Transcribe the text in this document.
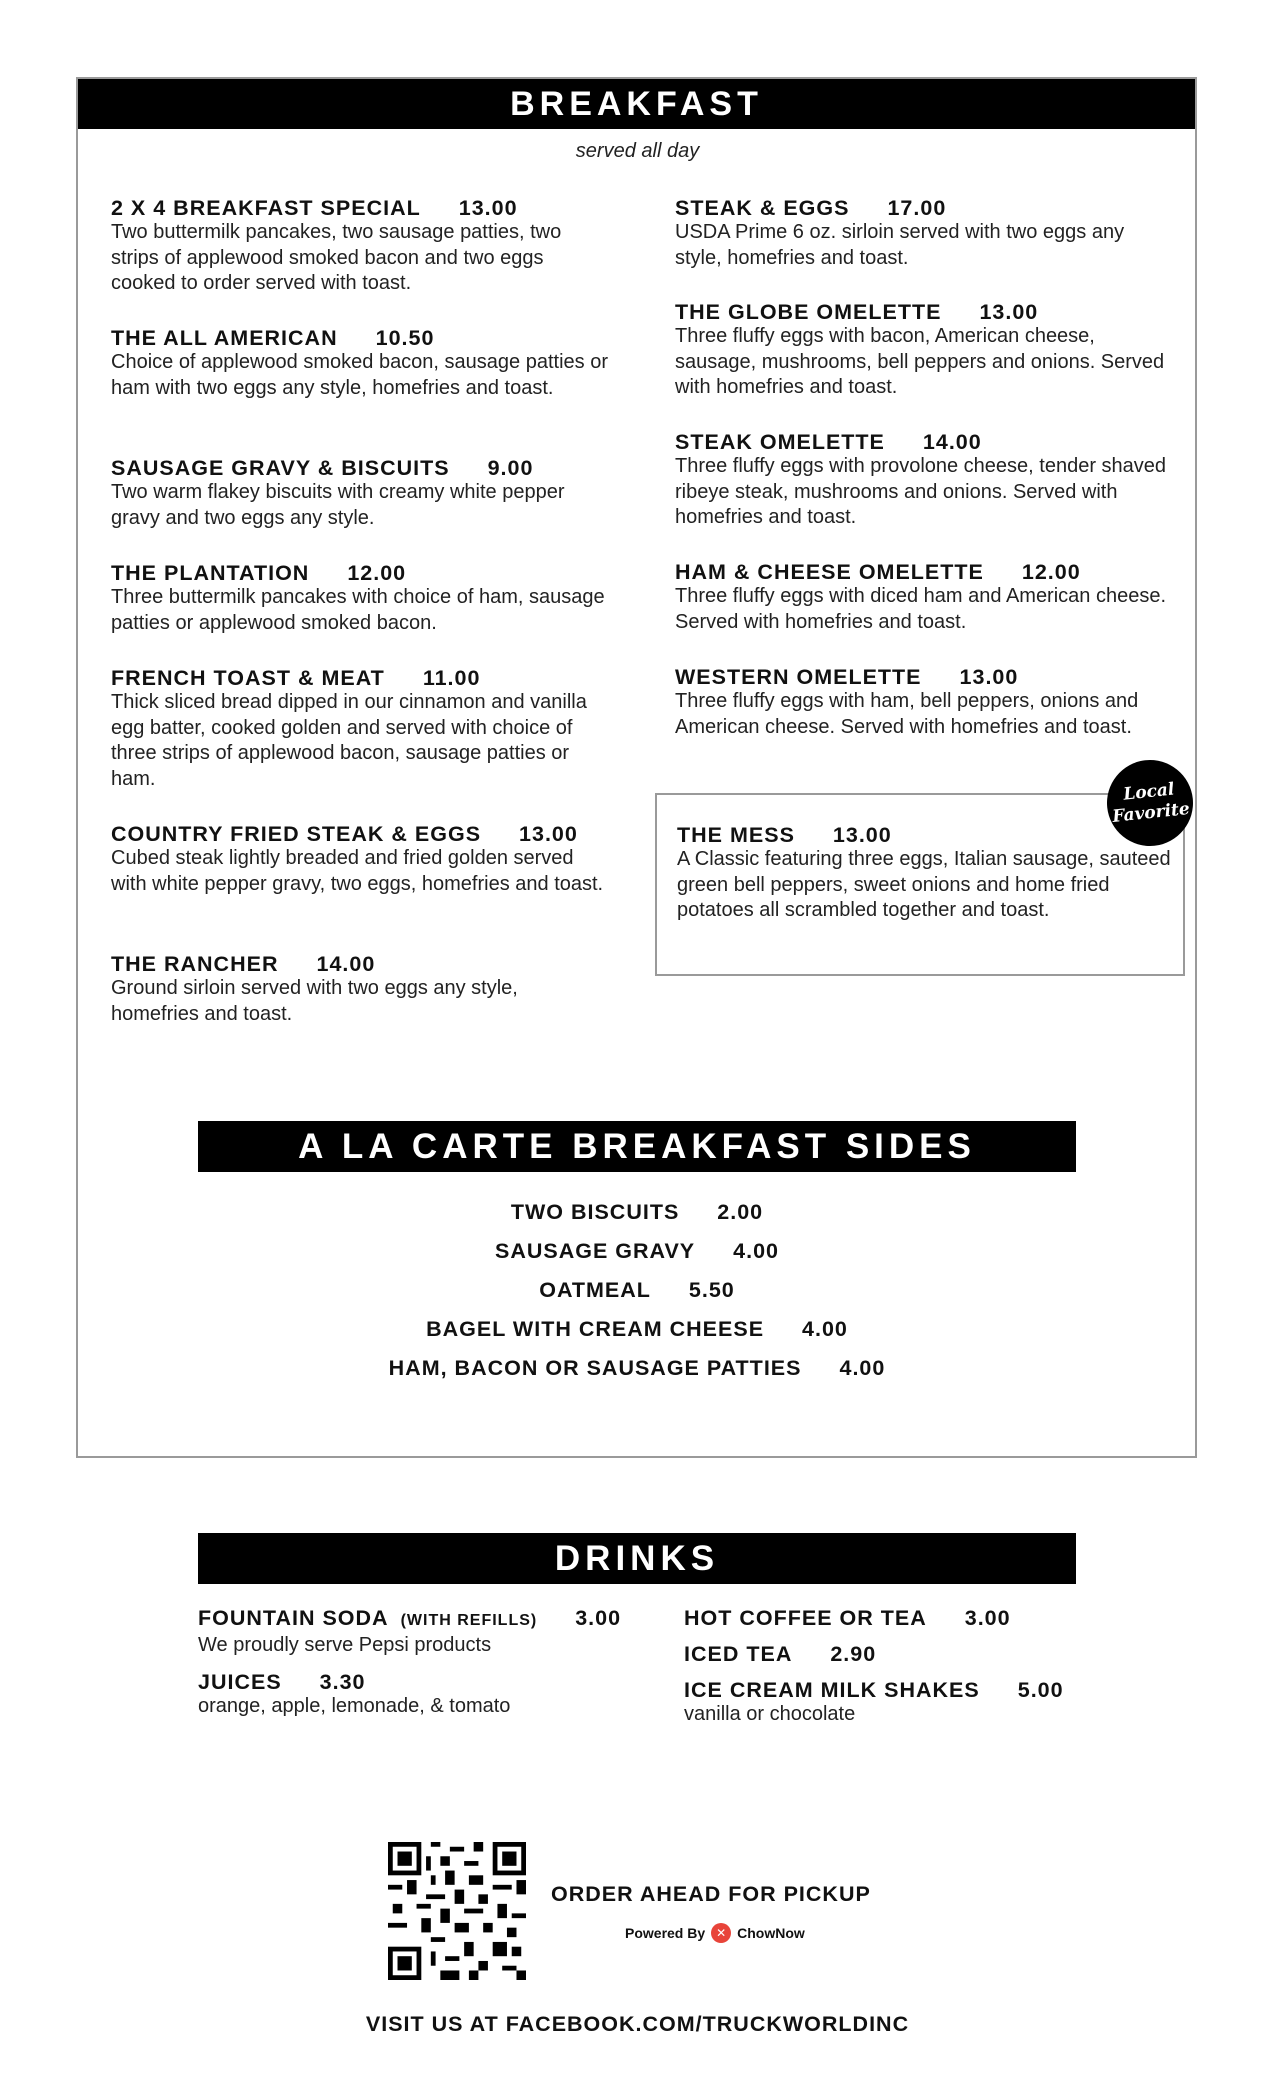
BREAKFAST
served all day
2 X 4 BREAKFAST SPECIAL 13.00
Two buttermilk pancakes, two sausage patties, two strips of applewood smoked bacon and two eggs cooked to order served with toast.
THE ALL AMERICAN 10.50
Choice of applewood smoked bacon, sausage patties or ham with two eggs any style, homefries and toast.
SAUSAGE GRAVY & BISCUITS 9.00
Two warm flakey biscuits with creamy white pepper gravy and two eggs any style.
THE PLANTATION 12.00
Three buttermilk pancakes with choice of ham, sausage patties or applewood smoked bacon.
FRENCH TOAST & MEAT 11.00
Thick sliced bread dipped in our cinnamon and vanilla egg batter, cooked golden and served with choice of three strips of applewood bacon, sausage patties or ham.
COUNTRY FRIED STEAK & EGGS 13.00
Cubed steak lightly breaded and fried golden served with white pepper gravy, two eggs, homefries and toast.
THE RANCHER 14.00
Ground sirloin served with two eggs any style, homefries and toast.
STEAK & EGGS 17.00
USDA Prime 6 oz. sirloin served with two eggs any style, homefries and toast.
THE GLOBE OMELETTE 13.00
Three fluffy eggs with bacon, American cheese, sausage, mushrooms, bell peppers and onions. Served with homefries and toast.
STEAK OMELETTE 14.00
Three fluffy eggs with provolone cheese, tender shaved ribeye steak, mushrooms and onions. Served with homefries and toast.
HAM & CHEESE OMELETTE 12.00
Three fluffy eggs with diced ham and American cheese. Served with homefries and toast.
WESTERN OMELETTE 13.00
Three fluffy eggs with ham, bell peppers, onions and American cheese. Served with homefries and toast.
THE MESS 13.00
A Classic featuring three eggs, Italian sausage, sauteed green bell peppers, sweet onions and home fried potatoes all scrambled together and toast.
Local
Favorite
A LA CARTE BREAKFAST SIDES
TWO BISCUITS 2.00
SAUSAGE GRAVY 4.00
OATMEAL 5.50
BAGEL WITH CREAM CHEESE 4.00
HAM, BACON OR SAUSAGE PATTIES 4.00
DRINKS
FOUNTAIN SODA (WITH REFILLS) 3.00
We proudly serve Pepsi products
JUICES 3.30
orange, apple, lemonade, & tomato
HOT COFFEE OR TEA 3.00
ICED TEA 2.90
ICE CREAM MILK SHAKES 5.00
vanilla or chocolate
ORDER AHEAD FOR PICKUP
Powered By ✕ ChowNow
VISIT US AT FACEBOOK.COM/TRUCKWORLDINC
